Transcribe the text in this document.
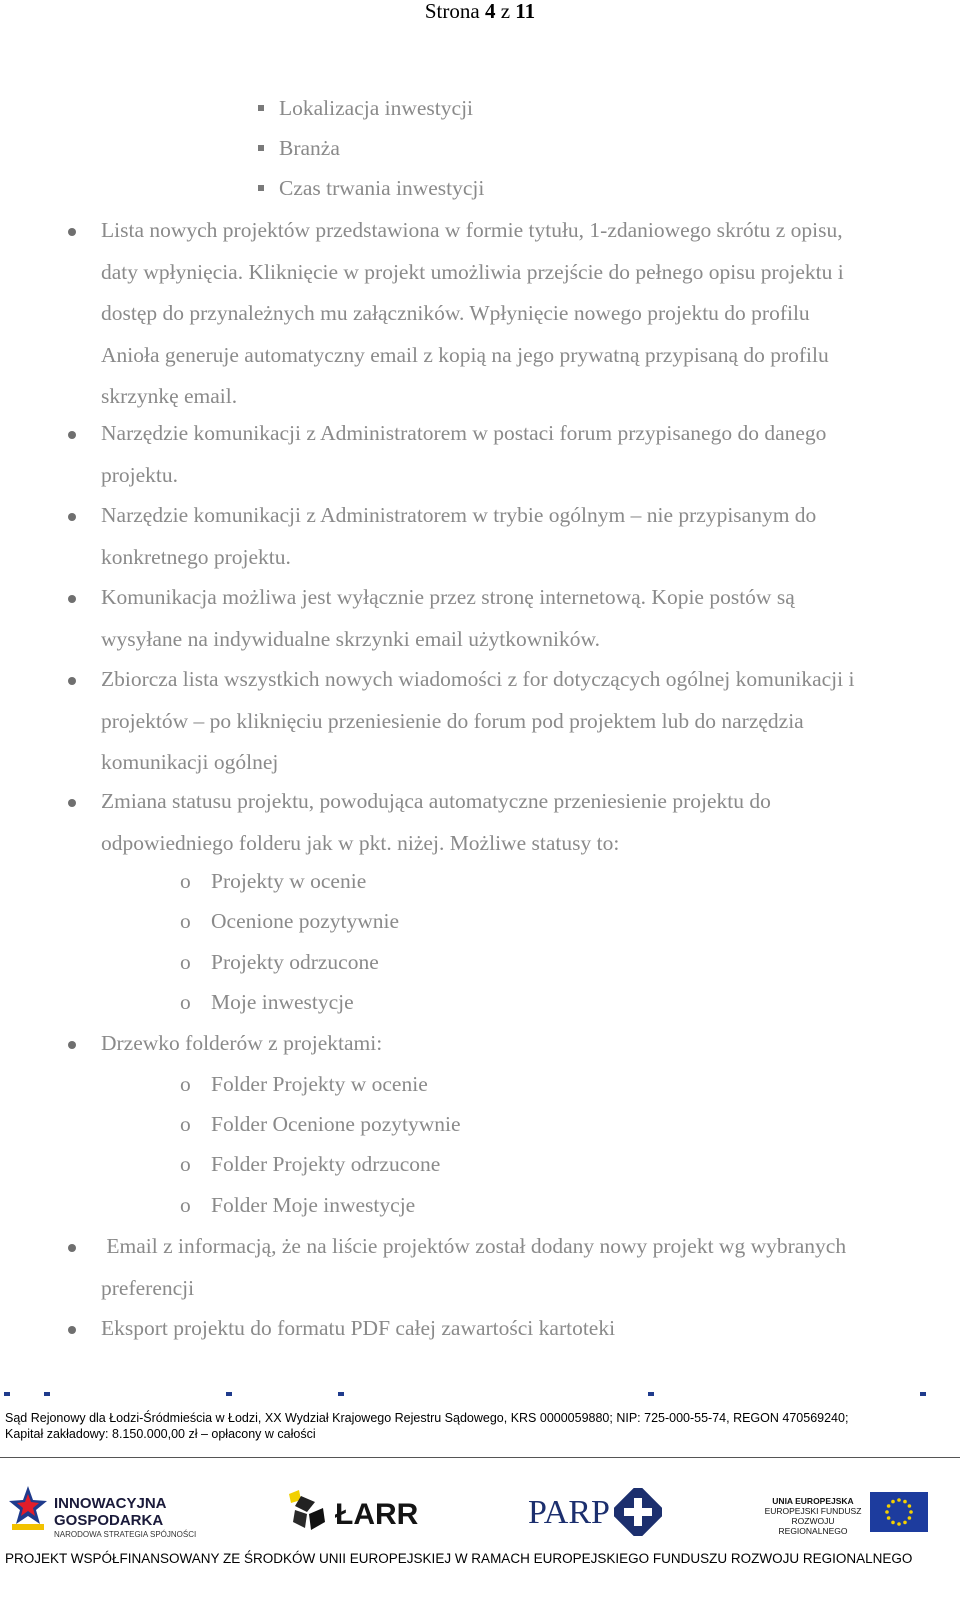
Strona 4 z 11
Lokalizacja inwestycji
Branża
Czas trwania inwestycji
Lista nowych projektów przedstawiona w formie tytułu, 1-zdaniowego skrótu z opisu,
daty wpłynięcia. Kliknięcie w projekt umożliwia przejście do pełnego opisu projektu i
dostęp do przynależnych mu załączników. Wpłynięcie nowego projektu do profilu
Anioła generuje automatyczny email z kopią na jego prywatną przypisaną do profilu
skrzynkę email.
Narzędzie komunikacji z Administratorem w postaci forum przypisanego do danego
projektu.
Narzędzie komunikacji z Administratorem w trybie ogólnym – nie przypisanym do
konkretnego projektu.
Komunikacja możliwa jest wyłącznie przez stronę internetową. Kopie postów są
wysyłane na indywidualne skrzynki email użytkowników.
Zbiorcza lista wszystkich nowych wiadomości z for dotyczących ogólnej komunikacji i
projektów – po kliknięciu przeniesienie do forum pod projektem lub do narzędzia
komunikacji ogólnej
Zmiana statusu projektu, powodująca automatyczne przeniesienie projektu do
odpowiedniego folderu jak w pkt. niżej. Możliwe statusy to:
o Projekty w ocenie
o Ocenione pozytywnie
o Projekty odrzucone
o Moje inwestycje
Drzewko folderów z projektami:
o Folder Projekty w ocenie
o Folder Ocenione pozytywnie
o Folder Projekty odrzucone
o Folder Moje inwestycje
Email z informacją, że na liście projektów został dodany nowy projekt wg wybranych
preferencji
Eksport projektu do formatu PDF całej zawartości kartoteki
Sąd Rejonowy dla Łodzi-Śródmieścia w Łodzi, XX Wydział Krajowego Rejestru Sądowego, KRS 0000059880; NIP: 725-000-55-74, REGON 470569240;
Kapitał zakładowy: 8.150.000,00 zł – opłacony w całości
INNOWACYJNA
GOSPODARKA
NARODOWA STRATEGIA SPÓJNOŚCI
ŁARR	PARP	UNIA EUROPEJSKA
EUROPEJSKI FUNDUSZ
ROZWOJU REGIONALNEGO
PROJEKT WSPÓŁFINANSOWANY ZE ŚRODKÓW UNII EUROPEJSKIEJ W RAMACH EUROPEJSKIEGO FUNDUSZU ROZWOJU REGIONALNEGO
